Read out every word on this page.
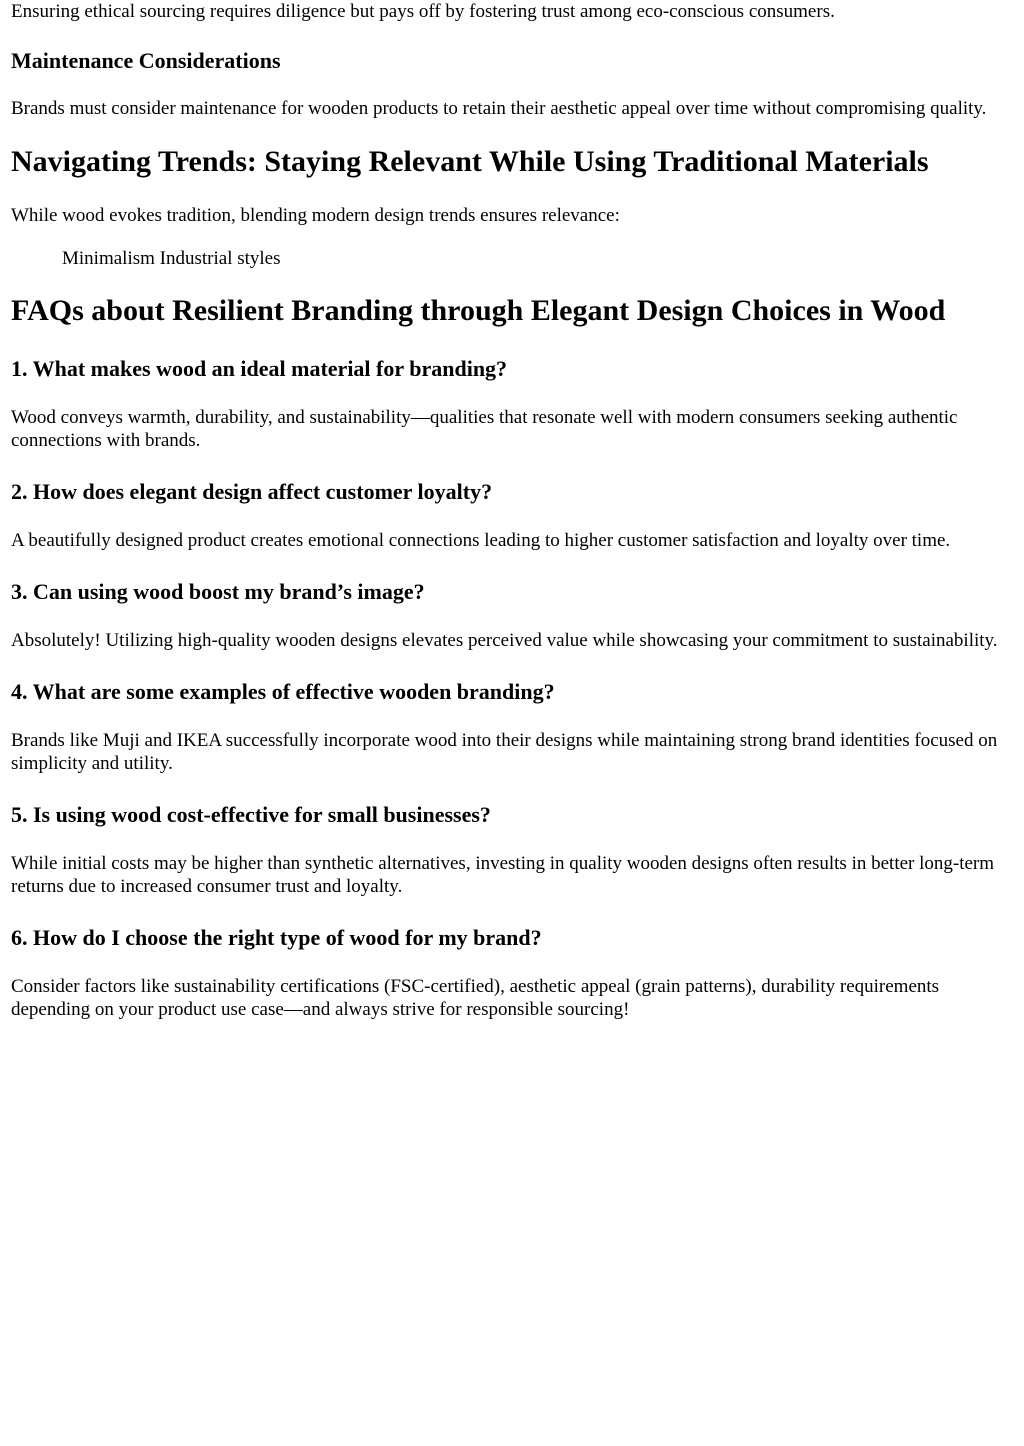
Ensuring ethical sourcing requires diligence but pays off by fostering trust among eco-conscious consumers.

Maintenance Considerations

Brands must consider maintenance for wooden products to retain their aesthetic appeal over time without compromising quality.

Navigating Trends: Staying Relevant While Using Traditional Materials

While wood evokes tradition, blending modern design trends ensures relevance:

Minimalism Industrial styles
FAQs about Resilient Branding through Elegant Design Choices in Wood
1. What makes wood an ideal material for branding?

Wood conveys warmth, durability, and sustainability—qualities that resonate well with modern consumers seeking authentic connections with brands.

2. How does elegant design affect customer loyalty?

A beautifully designed product creates emotional connections leading to higher customer satisfaction and loyalty over time.

3. Can using wood boost my brand’s image?

Absolutely! Utilizing high-quality wooden designs elevates perceived value while showcasing your commitment to sustainability.

4. What are some examples of effective wooden branding?

Brands like Muji and IKEA successfully incorporate wood into their designs while maintaining strong brand identities focused on simplicity and utility.

5. Is using wood cost-effective for small businesses?

While initial costs may be higher than synthetic alternatives, investing in quality wooden designs often results in better long-term returns due to increased consumer trust and loyalty.

6. How do I choose the right type of wood for my brand?

Consider factors like sustainability certifications (FSC-certified), aesthetic appeal (grain patterns), durability requirements depending on your product use case—and always strive for responsible sourcing!
